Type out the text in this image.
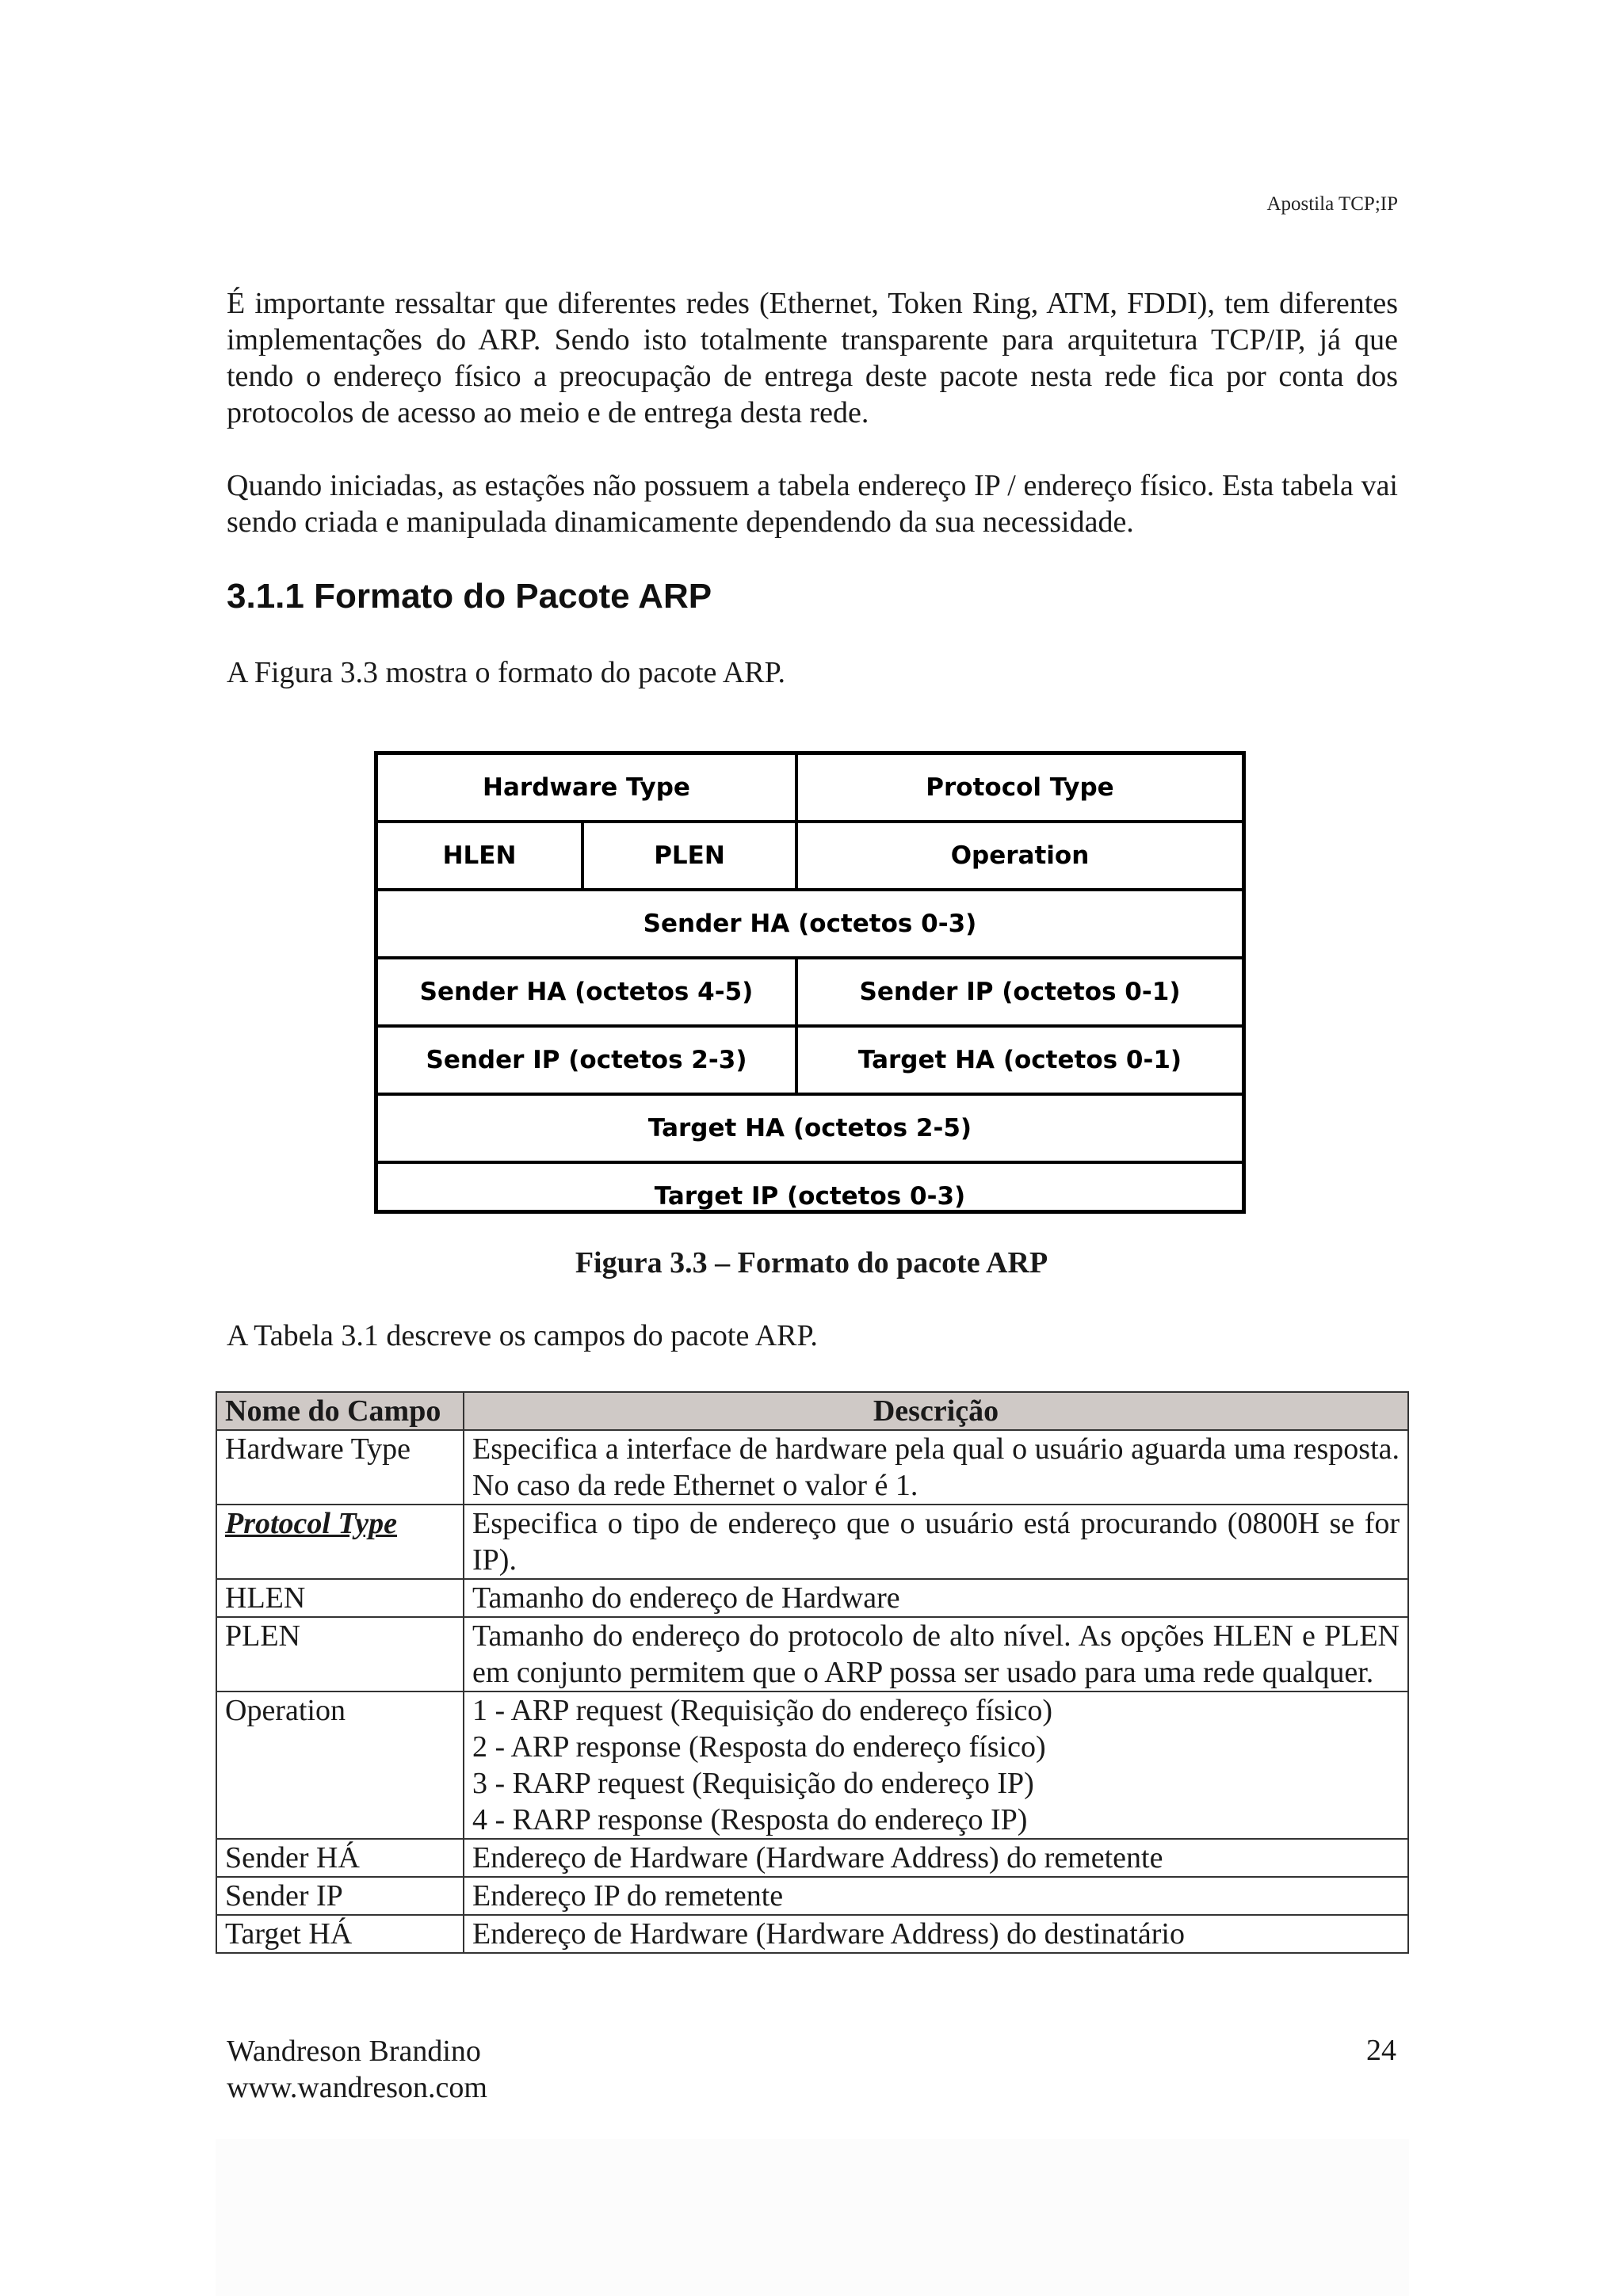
Apostila TCP;IP

É importante ressaltar que diferentes redes (Ethernet, Token Ring, ATM, FDDI), tem diferentes implementações do ARP. Sendo isto totalmente transparente para arquitetura TCP/IP, já que tendo o endereço físico a preocupação de entrega deste pacote nesta rede fica por conta dos protocolos de acesso ao meio e de entrega desta rede.

Quando iniciadas, as estações não possuem a tabela endereço IP / endereço físico. Esta tabela vai sendo criada e manipulada dinamicamente dependendo da sua necessidade.

3.1.1 Formato do Pacote ARP

A Figura 3.3 mostra o formato do pacote ARP.

Hardware Type	Protocol Type
HLEN	PLEN	Operation
Sender HA (octetos 0-3)
Sender HA (octetos 4-5)	Sender IP (octetos 0-1)
Sender IP (octetos 2-3)	Target HA (octetos 0-1)
Target HA (octetos 2-5)
Target IP (octetos 0-3)
Figura 3.3 – Formato do pacote ARP
A Tabela 3.1 descreve os campos do pacote ARP.
Nome do Campo	Descrição
Hardware Type	Especifica a interface de hardware pela qual o usuário aguarda uma resposta. No caso da rede Ethernet o valor é 1.
Protocol Type	Especifica o tipo de endereço que o usuário está procurando (0800H se for IP).
HLEN	Tamanho do endereço de Hardware
PLEN	Tamanho do endereço do protocolo de alto nível. As opções HLEN e PLEN em conjunto permitem que o ARP possa ser usado para uma rede qualquer.
Operation	1 - ARP request (Requisição do endereço físico)
2 - ARP response (Resposta do endereço físico)
3 - RARP request (Requisição do endereço IP)
4 - RARP response (Resposta do endereço IP)

Sender HÁ	Endereço de Hardware (Hardware Address) do remetente
Sender IP	Endereço IP do remetente
Target HÁ	Endereço de Hardware (Hardware Address) do destinatário
Wandreson Brandino
www.wandreson.com
24
